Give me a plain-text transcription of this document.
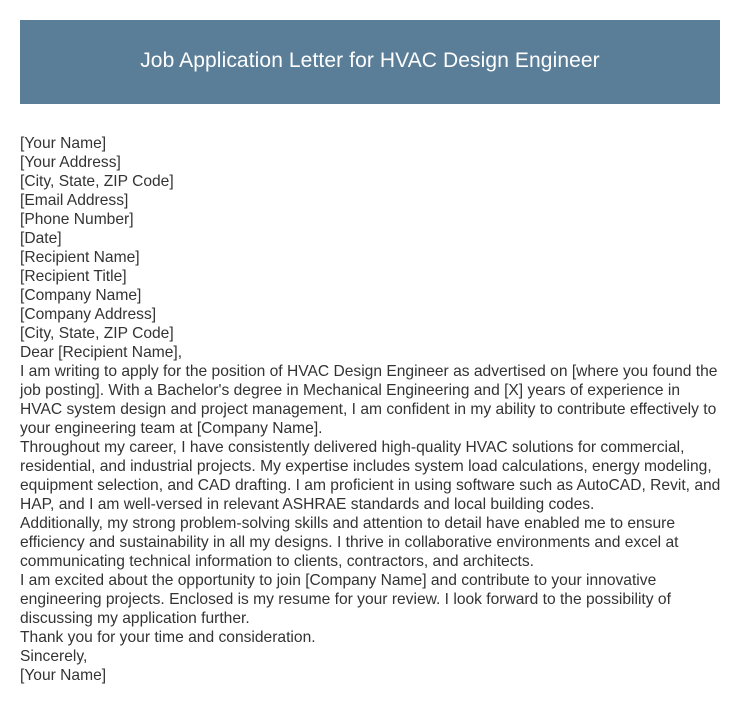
Job Application Letter for HVAC Design Engineer

[Your Name]

[Your Address]

[City, State, ZIP Code]

[Email Address]

[Phone Number]

[Date]

[Recipient Name]

[Recipient Title]

[Company Name]

[Company Address]

[City, State, ZIP Code]

Dear [Recipient Name],

I am writing to apply for the position of HVAC Design Engineer as advertised on [where you found the job posting]. With a Bachelor's degree in Mechanical Engineering and [X] years of experience in HVAC system design and project management, I am confident in my ability to contribute effectively to your engineering team at [Company Name].

Throughout my career, I have consistently delivered high-quality HVAC solutions for commercial, residential, and industrial projects. My expertise includes system load calculations, energy modeling, equipment selection, and CAD drafting. I am proficient in using software such as AutoCAD, Revit, and HAP, and I am well-versed in relevant ASHRAE standards and local building codes.

Additionally, my strong problem-solving skills and attention to detail have enabled me to ensure efficiency and sustainability in all my designs. I thrive in collaborative environments and excel at communicating technical information to clients, contractors, and architects.

I am excited about the opportunity to join [Company Name] and contribute to your innovative engineering projects. Enclosed is my resume for your review. I look forward to the possibility of discussing my application further.

Thank you for your time and consideration.

Sincerely,

[Your Name]
